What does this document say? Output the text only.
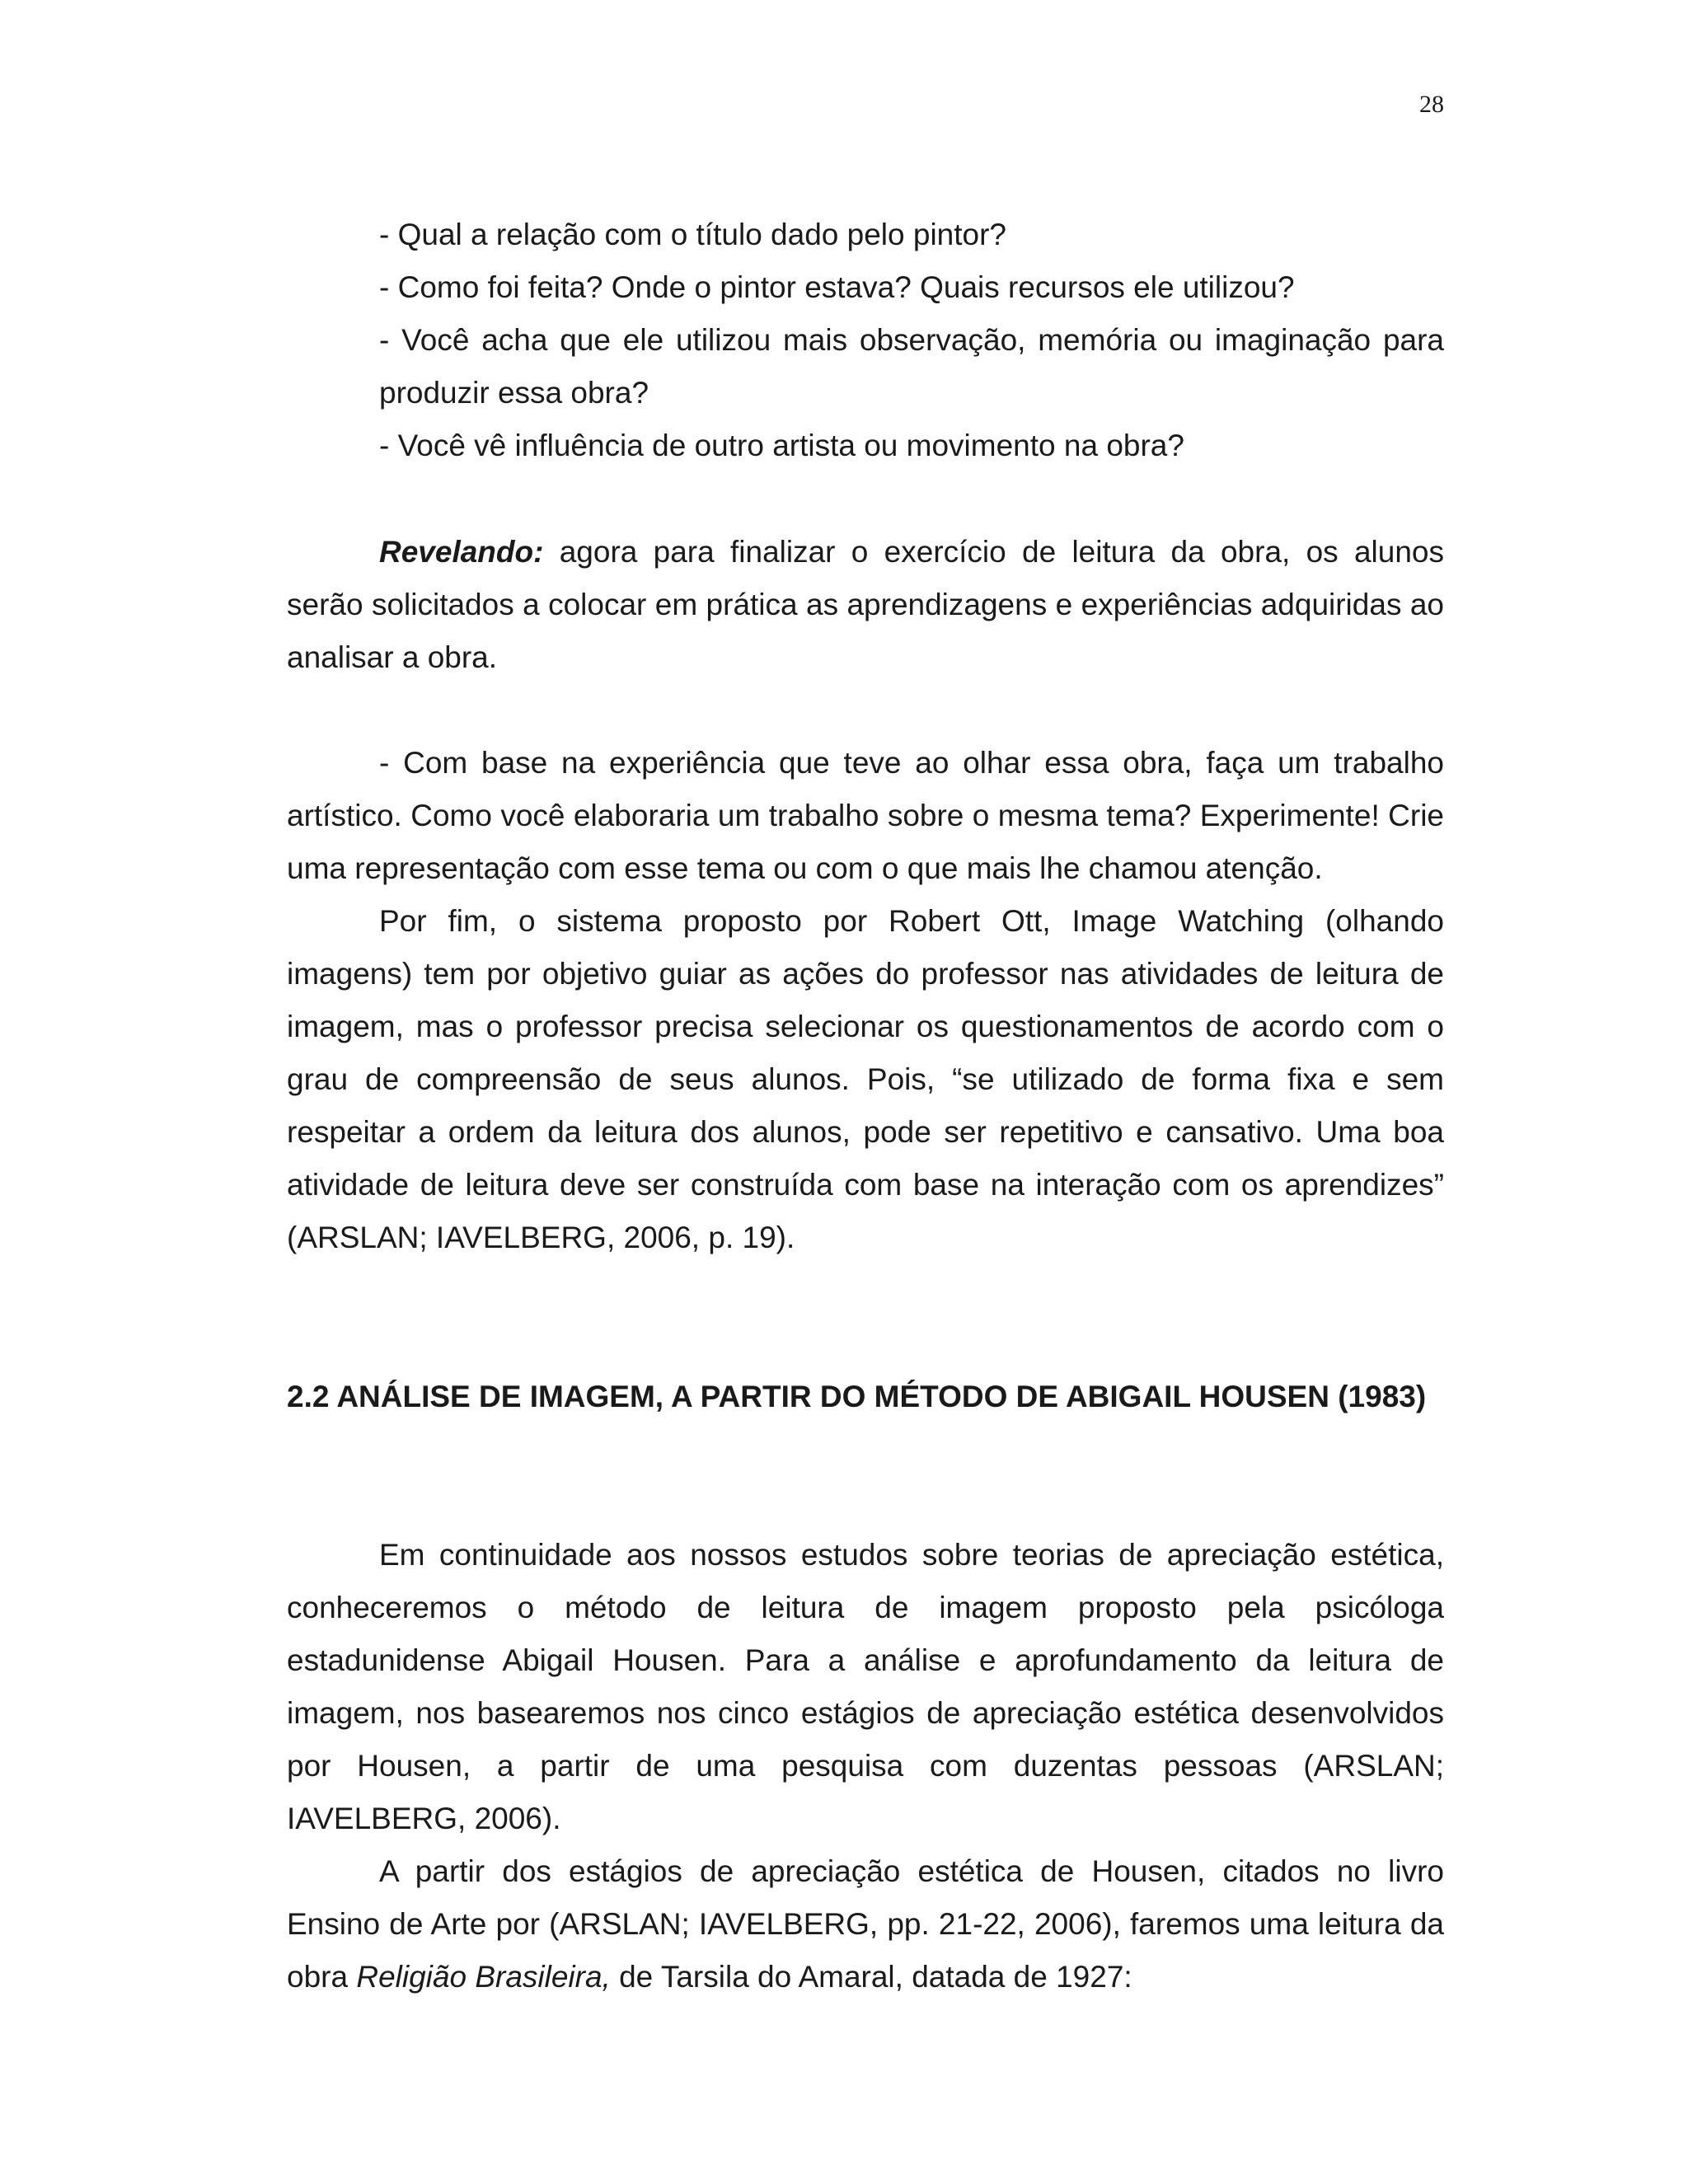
28

- Qual a relação com o título dado pelo pintor?

- Como foi feita? Onde o pintor estava? Quais recursos ele utilizou?

- Você acha que ele utilizou mais observação, memória ou imaginação para produzir essa obra?

- Você vê influência de outro artista ou movimento na obra?

Revelando: agora para finalizar o exercício de leitura da obra, os alunos serão solicitados a colocar em prática as aprendizagens e experiências adquiridas ao analisar a obra.

- Com base na experiência que teve ao olhar essa obra, faça um trabalho artístico. Como você elaboraria um trabalho sobre o mesma tema? Experimente! Crie uma representação com esse tema ou com o que mais lhe chamou atenção.

Por fim, o sistema proposto por Robert Ott, Image Watching (olhando imagens) tem por objetivo guiar as ações do professor nas atividades de leitura de imagem, mas o professor precisa selecionar os questionamentos de acordo com o grau de compreensão de seus alunos. Pois, “se utilizado de forma fixa e sem respeitar a ordem da leitura dos alunos, pode ser repetitivo e cansativo. Uma boa atividade de leitura deve ser construída com base na interação com os aprendizes” (ARSLAN; IAVELBERG, 2006, p. 19).

2.2 ANÁLISE DE IMAGEM, A PARTIR DO MÉTODO DE ABIGAIL HOUSEN (1983)

Em continuidade aos nossos estudos sobre teorias de apreciação estética, conheceremos o método de leitura de imagem proposto pela psicóloga estadunidense Abigail Housen. Para a análise e aprofundamento da leitura de imagem, nos basearemos nos cinco estágios de apreciação estética desenvolvidos por Housen, a partir de uma pesquisa com duzentas pessoas (ARSLAN; IAVELBERG, 2006).

A partir dos estágios de apreciação estética de Housen, citados no livro Ensino de Arte por (ARSLAN; IAVELBERG, pp. 21-22, 2006), faremos uma leitura da obra Religião Brasileira, de Tarsila do Amaral, datada de 1927:
